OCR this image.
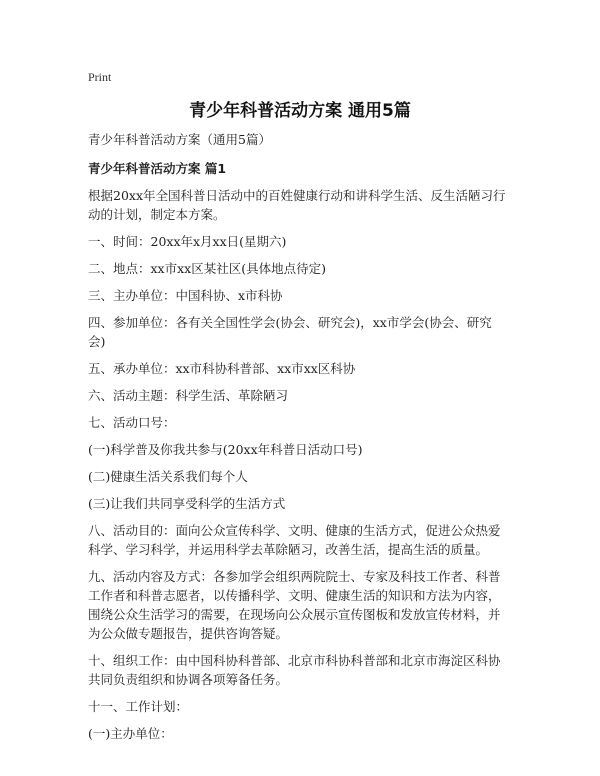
Print
青少年科普活动方案 通用5篇
青少年科普活动方案（通用5篇）
青少年科普活动方案 篇1
根据20xx年全国科普日活动中的百姓健康行动和讲科学生活、反生活陋习行动的计划，制定本方案。
一、时间：20xx年x月xx日(星期六)
二、地点：xx市xx区某社区(具体地点待定)
三、主办单位：中国科协、x市科协
四、参加单位：各有关全国性学会(协会、研究会)，xx市学会(协会、研究会)
五、承办单位：xx市科协科普部、xx市xx区科协
六、活动主题：科学生活、革除陋习
七、活动口号：
(一)科学普及你我共参与(20xx年科普日活动口号)
(二)健康生活关系我们每个人
(三)让我们共同享受科学的生活方式
八、活动目的：面向公众宣传科学、文明、健康的生活方式，促进公众热爱科学、学习科学，并运用科学去革除陋习，改善生活，提高生活的质量。
九、活动内容及方式：各参加学会组织两院院士、专家及科技工作者、科普工作者和科普志愿者，以传播科学、文明、健康生活的知识和方法为内容，围绕公众生活学习的需要，在现场向公众展示宣传图板和发放宣传材料，并为公众做专题报告，提供咨询答疑。
十、组织工作：由中国科协科普部、北京市科协科普部和北京市海淀区科协共同负责组织和协调各项筹备任务。
十一、工作计划：
(一)主办单位：
